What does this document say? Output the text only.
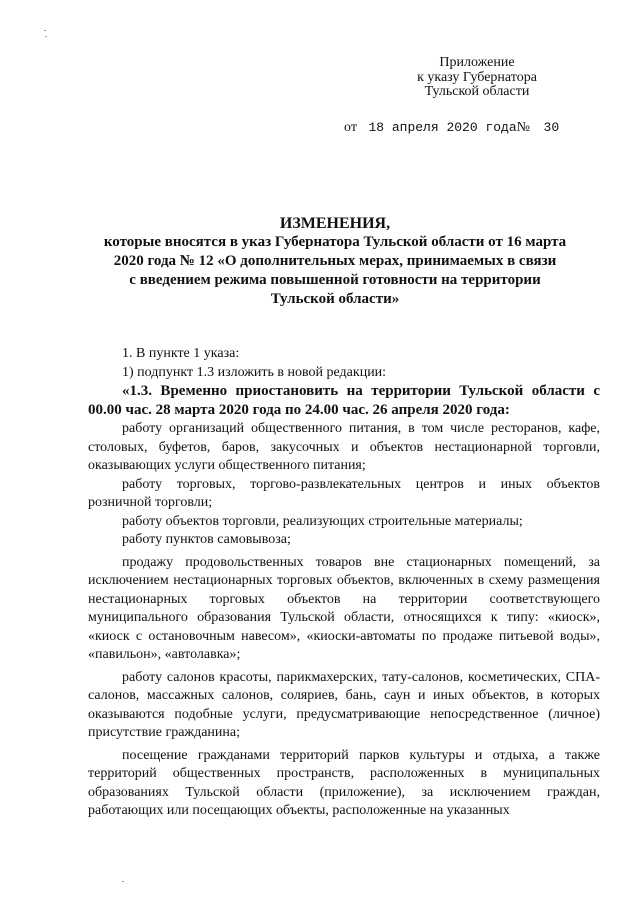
Приложение
к указу Губернатора
Тульской области
от 18 апреля 2020 года№ 30
ИЗМЕНЕНИЯ,
которые вносятся в указ Губернатора Тульской области от 16 марта
2020 года № 12 «О дополнительных мерах, принимаемых в связи
с введением режима повышенной готовности на территории
Тульской области»

1. В пункте 1 указа:

1) подпункт 1.3 изложить в новой редакции:

«1.3. Временно приостановить на территории Тульской области с 00.00 час. 28 марта 2020 года по 24.00 час. 26 апреля 2020 года:

работу организаций общественного питания, в том числе ресторанов, кафе, столовых, буфетов, баров, закусочных и объектов нестационарной торговли, оказывающих услуги общественного питания;

работу торговых, торгово-развлекательных центров и иных объектов розничной торговли;

работу объектов торговли, реализующих строительные материалы;

работу пунктов самовывоза;

продажу продовольственных товаров вне стационарных помещений, за исключением нестационарных торговых объектов, включенных в схему размещения нестационарных торговых объектов на территории соответствующего муниципального образования Тульской области, относящихся к типу: «киоск», «киоск с остановочным навесом», «киоски-автоматы по продаже питьевой воды», «павильон», «автолавка»;

работу салонов красоты, парикмахерских, тату-салонов, косметических, СПА-салонов, массажных салонов, соляриев, бань, саун и иных объектов, в которых оказываются подобные услуги, предусматривающие непосредственное (личное) присутствие гражданина;

посещение гражданами территорий парков культуры и отдыха, а также территорий общественных пространств, расположенных в муниципальных образованиях Тульской области (приложение), за исключением граждан, работающих или посещающих объекты, расположенные на указанных
